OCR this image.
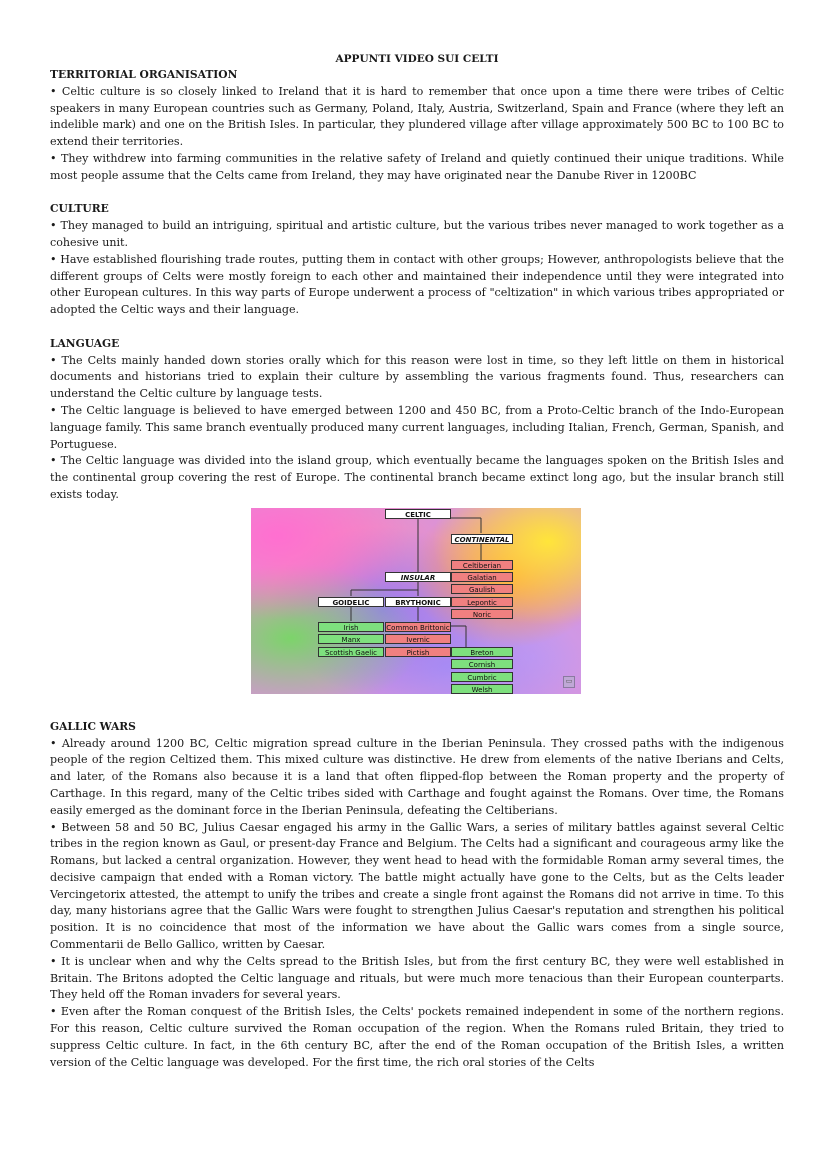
APPUNTI VIDEO SUI CELTI

TERRITORIAL ORGANISATION

• Celtic culture is so closely linked to Ireland that it is hard to remember that once upon a time there were tribes of Celtic speakers in many European countries such as Germany, Poland, Italy, Austria, Switzerland, Spain and France (where they left an indelible mark) and one on the British Isles. In particular, they plundered village after village approximately 500 BC to 100 BC to extend their territories.

• They withdrew into farming communities in the relative safety of Ireland and quietly continued their unique traditions. While most people assume that the Celts came from Ireland, they may have originated near the Danube River in 1200BC

CULTURE

• They managed to build an intriguing, spiritual and artistic culture, but the various tribes never managed to work together as a cohesive unit.

• Have established flourishing trade routes, putting them in contact with other groups; However, anthropologists believe that the different groups of Celts were mostly foreign to each other and maintained their independence until they were integrated into other European cultures. In this way parts of Europe underwent a process of "celtization" in which various tribes appropriated or adopted the Celtic ways and their language.

LANGUAGE

• The Celts mainly handed down stories orally which for this reason were lost in time, so they left little on them in historical documents and historians tried to explain their culture by assembling the various fragments found. Thus, researchers can understand the Celtic culture by language tests.

• The Celtic language is believed to have emerged between 1200 and 450 BC, from a Proto-Celtic branch of the Indo-European language family. This same branch eventually produced many current languages, including Italian, French, German, Spanish, and Portuguese.

• The Celtic language was divided into the island group, which eventually became the languages spoken on the British Isles and the continental group covering the rest of Europe. The continental branch became extinct long ago, but the insular branch still exists today.

CELTIC
CONTINENTAL
INSULAR
GOIDELIC	BRYTHONIC
Celtiberian
Galatian
Gaulish
Lepontic
Noric
Irish
Manx
Scottish Gaelic
Common Brittonic
Ivernic
Pictish	Breton
Cornish
Cumbric
Welsh
▭

GALLIC WARS

• Already around 1200 BC, Celtic migration spread culture in the Iberian Peninsula. They crossed paths with the indigenous people of the region Celtized them. This mixed culture was distinctive. He drew from elements of the native Iberians and Celts, and later, of the Romans also because it is a land that often flipped-flop between the Roman property and the property of Carthage. In this regard, many of the Celtic tribes sided with Carthage and fought against the Romans. Over time, the Romans easily emerged as the dominant force in the Iberian Peninsula, defeating the Celtiberians.

• Between 58 and 50 BC, Julius Caesar engaged his army in the Gallic Wars, a series of military battles against several Celtic tribes in the region known as Gaul, or present-day France and Belgium. The Celts had a significant and courageous army like the Romans, but lacked a central organization. However, they went head to head with the formidable Roman army several times, the decisive campaign that ended with a Roman victory. The battle might actually have gone to the Celts, but as the Celts leader Vercingetorix attested, the attempt to unify the tribes and create a single front against the Romans did not arrive in time. To this day, many historians agree that the Gallic Wars were fought to strengthen Julius Caesar's reputation and strengthen his political position. It is no coincidence that most of the information we have about the Gallic wars comes from a single source, Commentarii de Bello Gallico, written by Caesar.

• It is unclear when and why the Celts spread to the British Isles, but from the first century BC, they were well established in Britain. The Britons adopted the Celtic language and rituals, but were much more tenacious than their European counterparts. They held off the Roman invaders for several years.

• Even after the Roman conquest of the British Isles, the Celts' pockets remained independent in some of the northern regions. For this reason, Celtic culture survived the Roman occupation of the region. When the Romans ruled Britain, they tried to suppress Celtic culture. In fact, in the 6th century BC, after the end of the Roman occupation of the British Isles, a written version of the Celtic language was developed. For the first time, the rich oral stories of the Celts
